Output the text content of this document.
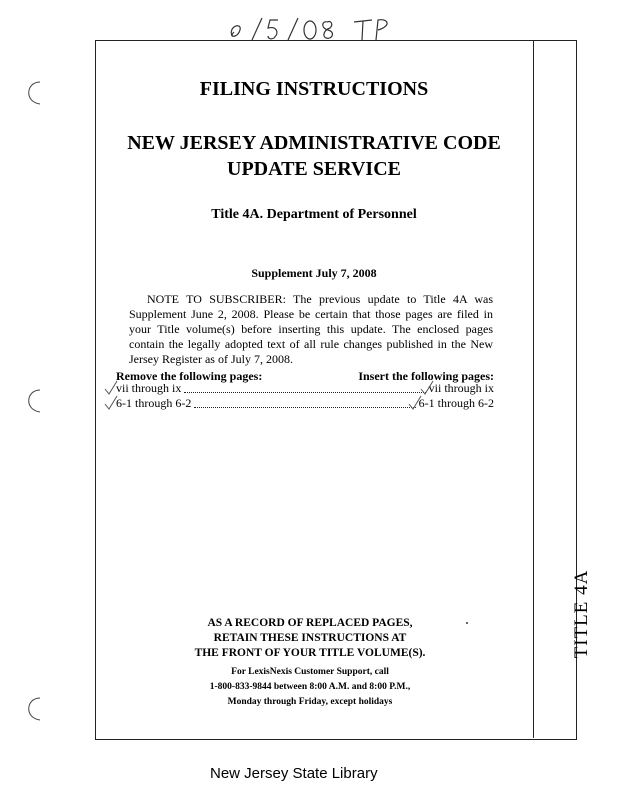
TITLE 4A
FILING INSTRUCTIONS
NEW JERSEY ADMINISTRATIVE CODE
UPDATE SERVICE
Title 4A. Department of Personnel
Supplement July 7, 2008
NOTE TO SUBSCRIBER: The previous update to Title 4A was Supplement June 2, 2008. Please be certain that those pages are filed in your Title volume(s) before inserting this update. The enclosed pages contain the legally adopted text of all rule changes published in the New Jersey Register as of July 7, 2008.
Remove the following pages:	Insert the following pages:
vii through ix	vii through ix
6-1 through 6-2	6-1 through 6-2
AS A RECORD OF REPLACED PAGES,
RETAIN THESE INSTRUCTIONS AT
THE FRONT OF YOUR TITLE VOLUME(S).
For LexisNexis Customer Support, call
1-800-833-9844 between 8:00 A.M. and 8:00 P.M.,
Monday through Friday, except holidays
New Jersey State Library
